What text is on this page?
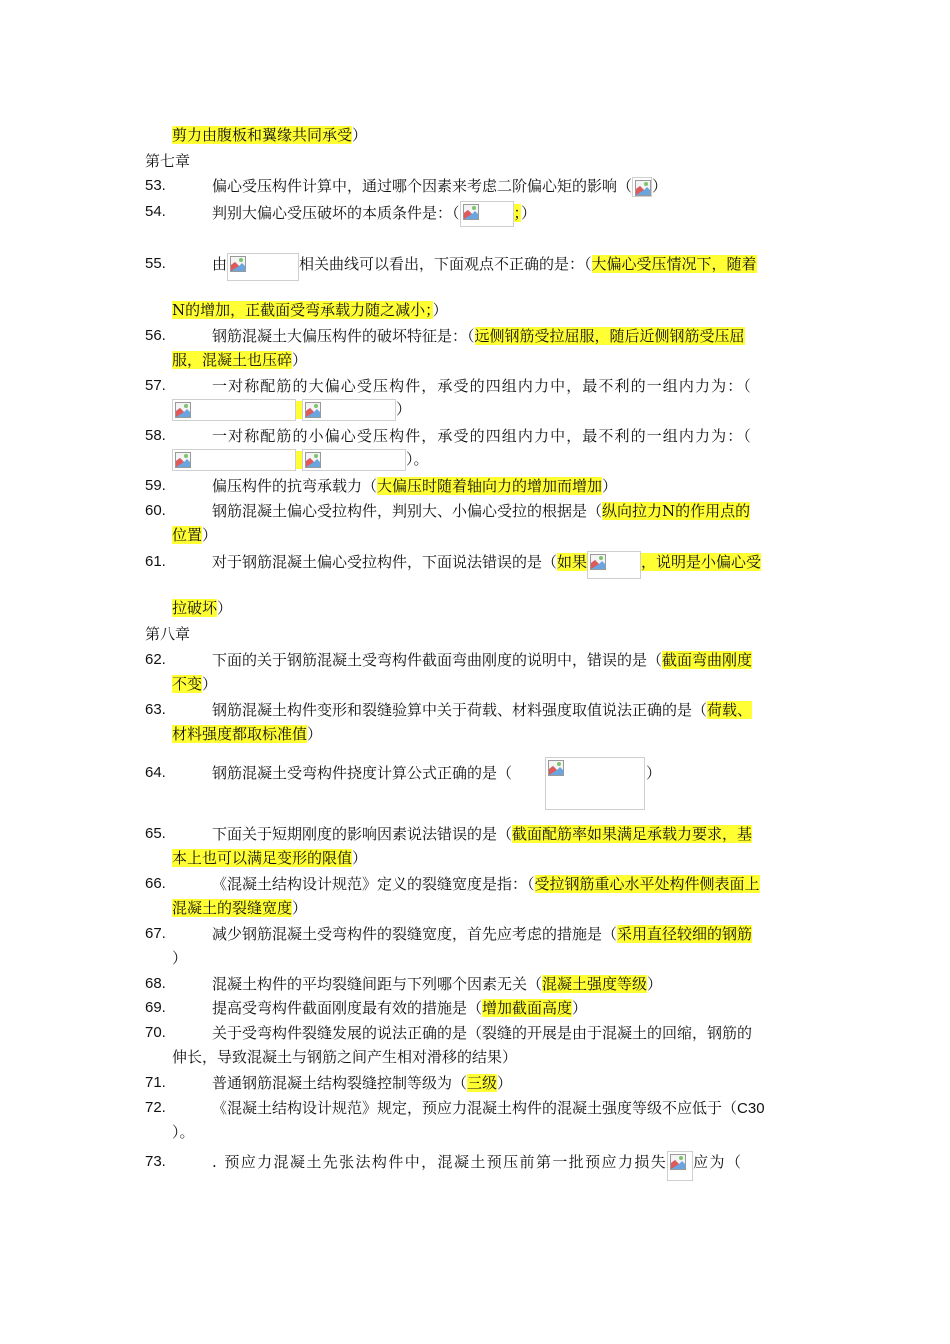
剪力由腹板和翼缘共同承受）
第七章
53.	偏心受压构件计算中，通过哪个因素来考虑二阶偏心矩的影响（ ）
54.	判别大偏心受压破坏的本质条件是：（	；）
55.	由	相关曲线可以看出，下面观点不正确的是：（大偏心受压情况下，随着
N的增加，正截面受弯承载力随之减小；）
56.	钢筋混凝土大偏压构件的破坏特征是：（远侧钢筋受拉屈服，随后近侧钢筋受压屈
服，混凝土也压碎）
57.	一对称配筋的大偏心受压构件，承受的四组内力中，最不利的一组内力为：（
）
58.	一对称配筋的小偏心受压构件，承受的四组内力中，最不利的一组内力为：（
）。
59.	偏压构件的抗弯承载力（大偏压时随着轴向力的增加而增加）
60.	钢筋混凝土偏心受拉构件，判别大、小偏心受拉的根据是（纵向拉力N的作用点的
位置）
61.	对于钢筋混凝土偏心受拉构件，下面说法错误的是（如果	，说明是小偏心受
拉破坏）
第八章
62.	下面的关于钢筋混凝土受弯构件截面弯曲刚度的说明中，错误的是（截面弯曲刚度
不变）
63.	钢筋混凝土构件变形和裂缝验算中关于荷载、材料强度取值说法正确的是（荷载、
材料强度都取标准值）
64.	钢筋混凝土受弯构件挠度计算公式正确的是（	）
65.	下面关于短期刚度的影响因素说法错误的是（截面配筋率如果满足承载力要求，基
本上也可以满足变形的限值）
66.	《混凝土结构设计规范》定义的裂缝宽度是指：（受拉钢筋重心水平处构件侧表面上
混凝土的裂缝宽度）
67.	减少钢筋混凝土受弯构件的裂缝宽度，首先应考虑的措施是（采用直径较细的钢筋
）
68.	混凝土构件的平均裂缝间距与下列哪个因素无关（混凝土强度等级）
69.	提高受弯构件截面刚度最有效的措施是（增加截面高度）
70.	关于受弯构件裂缝发展的说法正确的是（裂缝的开展是由于混凝土的回缩，钢筋的
伸长，导致混凝土与钢筋之间产生相对滑移的结果）
71.	普通钢筋混凝土结构裂缝控制等级为（三级）
72.	《混凝土结构设计规范》规定，预应力混凝土构件的混凝土强度等级不应低于（C30
）。
73.	. 预应力混凝土先张法构件中，混凝土预压前第一批预应力损失 应为（
